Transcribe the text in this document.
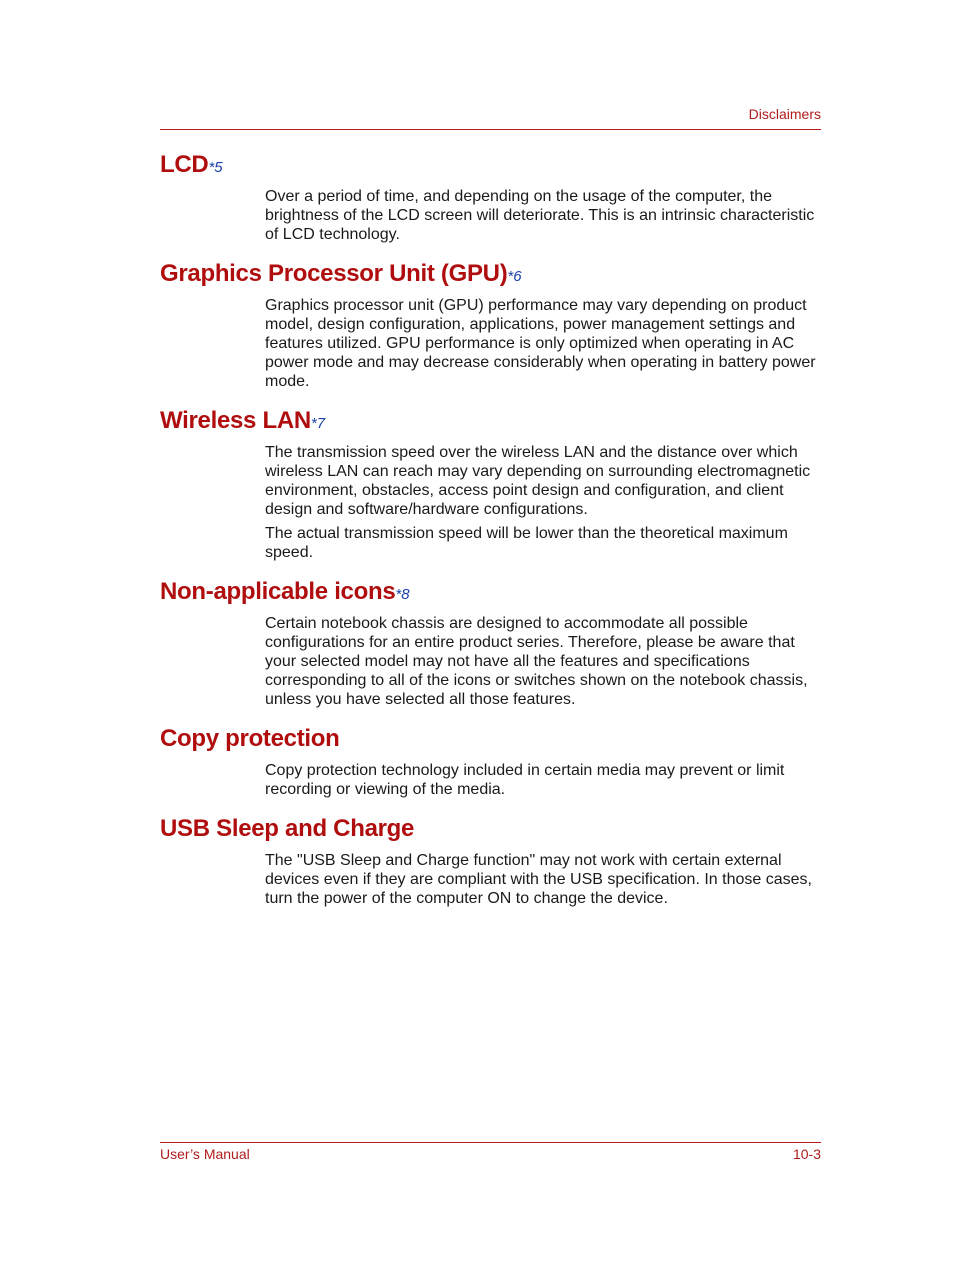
Disclaimers
LCD*5

Over a period of time, and depending on the usage of the computer, the brightness of the LCD screen will deteriorate. This is an intrinsic characteristic of LCD technology.

Graphics Processor Unit (GPU)*6

Graphics processor unit (GPU) performance may vary depending on product model, design configuration, applications, power management settings and features utilized. GPU performance is only optimized when operating in AC power mode and may decrease considerably when operating in battery power mode.

Wireless LAN*7

The transmission speed over the wireless LAN and the distance over which wireless LAN can reach may vary depending on surrounding electromagnetic environment, obstacles, access point design and configuration, and client design and software/hardware configurations.

The actual transmission speed will be lower than the theoretical maximum speed.

Non-applicable icons*8

Certain notebook chassis are designed to accommodate all possible configurations for an entire product series. Therefore, please be aware that your selected model may not have all the features and specifications corresponding to all of the icons or switches shown on the notebook chassis, unless you have selected all those features.

Copy protection

Copy protection technology included in certain media may prevent or limit recording or viewing of the media.

USB Sleep and Charge

The "USB Sleep and Charge function" may not work with certain external devices even if they are compliant with the USB specification. In those cases, turn the power of the computer ON to change the device.

User’s Manual	10-3
